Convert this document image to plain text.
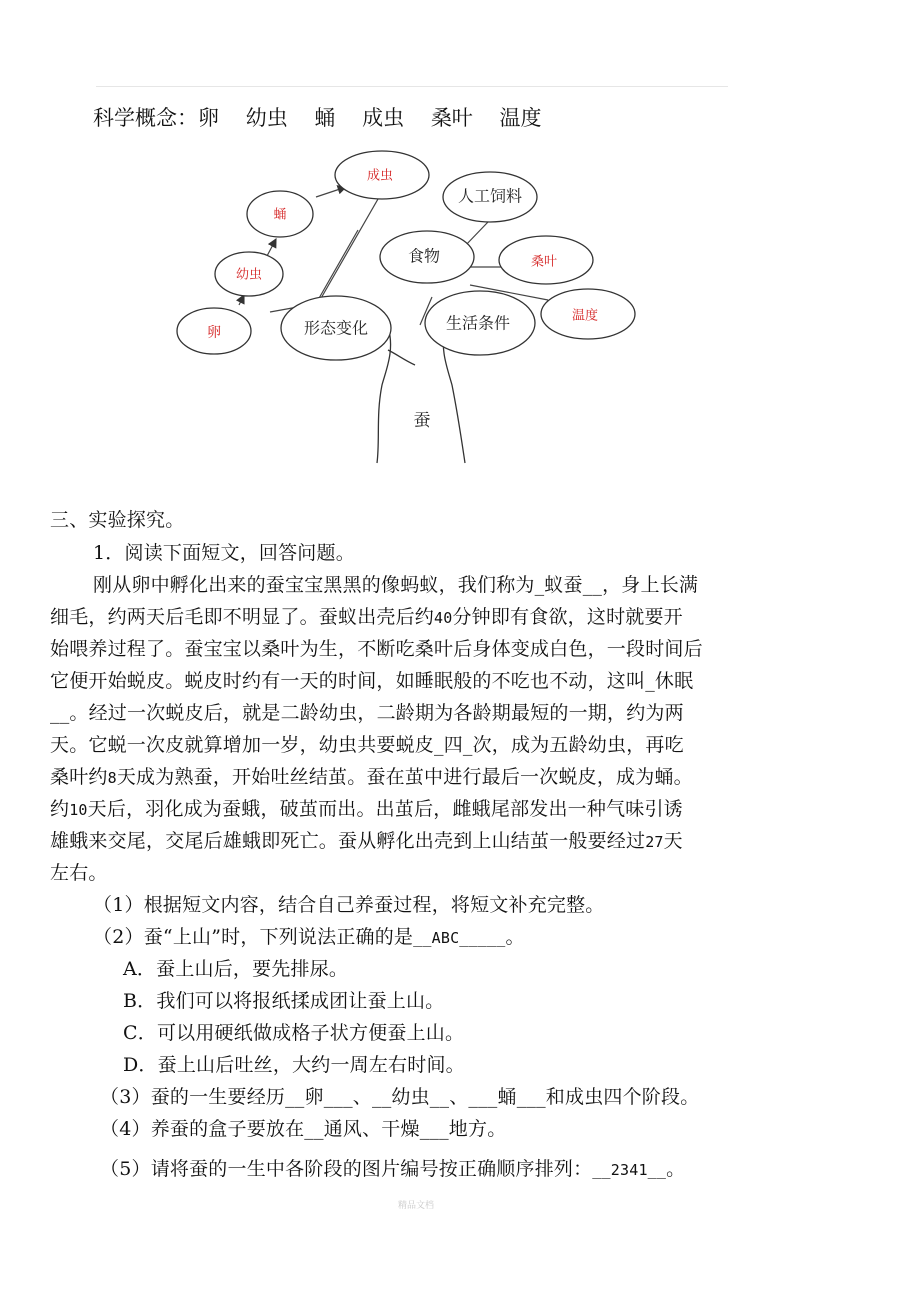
科学概念：卵 幼虫 蛹 成虫 桑叶 温度
卵
幼虫
蛹
成虫
形态变化
人工饲料
食物	桑叶
生活条件	温度
蚕
三、实验探究。
1．阅读下面短文，回答问题。
刚从卵中孵化出来的蚕宝宝黑黑的像蚂蚁，我们称为_蚁蚕__，身上长满
细毛，约两天后毛即不明显了。蚕蚁出壳后约40分钟即有食欲，这时就要开
始喂养过程了。蚕宝宝以桑叶为生，不断吃桑叶后身体变成白色，一段时间后
它便开始蜕皮。蜕皮时约有一天的时间，如睡眠般的不吃也不动，这叫_休眠
__。经过一次蜕皮后，就是二龄幼虫，二龄期为各龄期最短的一期，约为两
天。它蜕一次皮就算增加一岁，幼虫共要蜕皮_四_次，成为五龄幼虫，再吃
桑叶约8天成为熟蚕，开始吐丝结茧。蚕在茧中进行最后一次蜕皮，成为蛹。
约10天后，羽化成为蚕蛾，破茧而出。出茧后，雌蛾尾部发出一种气味引诱
雄蛾来交尾，交尾后雄蛾即死亡。蚕从孵化出壳到上山结茧一般要经过27天
左右。
（1）根据短文内容，结合自己养蚕过程，将短文补充完整。
（2）蚕“上山”时，下列说法正确的是__ABC_____。
A．蚕上山后，要先排尿。
B．我们可以将报纸揉成团让蚕上山。
C．可以用硬纸做成格子状方便蚕上山。
D．蚕上山后吐丝，大约一周左右时间。
（3）蚕的一生要经历__卵___、__幼虫__、___蛹___和成虫四个阶段。
（4）养蚕的盒子要放在__通风、干燥___地方。
（5）请将蚕的一生中各阶段的图片编号按正确顺序排列：__2341__。
精品文档
